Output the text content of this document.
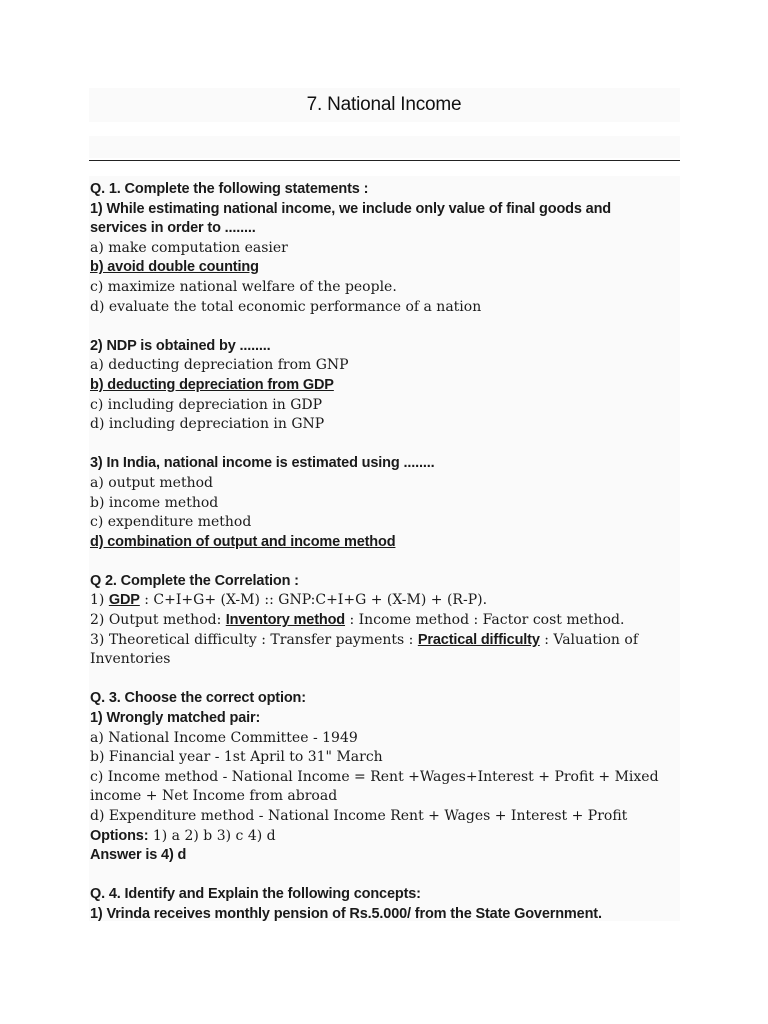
7. National Income
Q. 1. Complete the following statements :
1) While estimating national income, we include only value of final goods and
services in order to ........
a) make computation easier
b) avoid double counting
c) maximize national welfare of the people.
d) evaluate the total economic performance of a nation
2) NDP is obtained by ........
a) deducting depreciation from GNP
b) deducting depreciation from GDP
c) including depreciation in GDP
d) including depreciation in GNP
3) In India, national income is estimated using ........
a) output method
b) income method
c) expenditure method
d) combination of output and income method
Q 2. Complete the Correlation :
1) GDP : C+I+G+ (X-M) :: GNP:C+I+G + (X-M) + (R-P).
2) Output method: Inventory method : Income method : Factor cost method.
3) Theoretical difficulty : Transfer payments : Practical difficulty : Valuation of
Inventories
Q. 3. Choose the correct option:
1) Wrongly matched pair:
a) National Income Committee - 1949
b) Financial year - 1st April to 31" March
c) Income method - National Income = Rent +Wages+Interest + Profit + Mixed
income + Net Income from abroad
d) Expenditure method - National Income Rent + Wages + Interest + Profit
Options: 1) a 2) b 3) c 4) d
Answer is 4) d
Q. 4. Identify and Explain the following concepts:
1) Vrinda receives monthly pension of Rs.5.000/ from the State Government.
